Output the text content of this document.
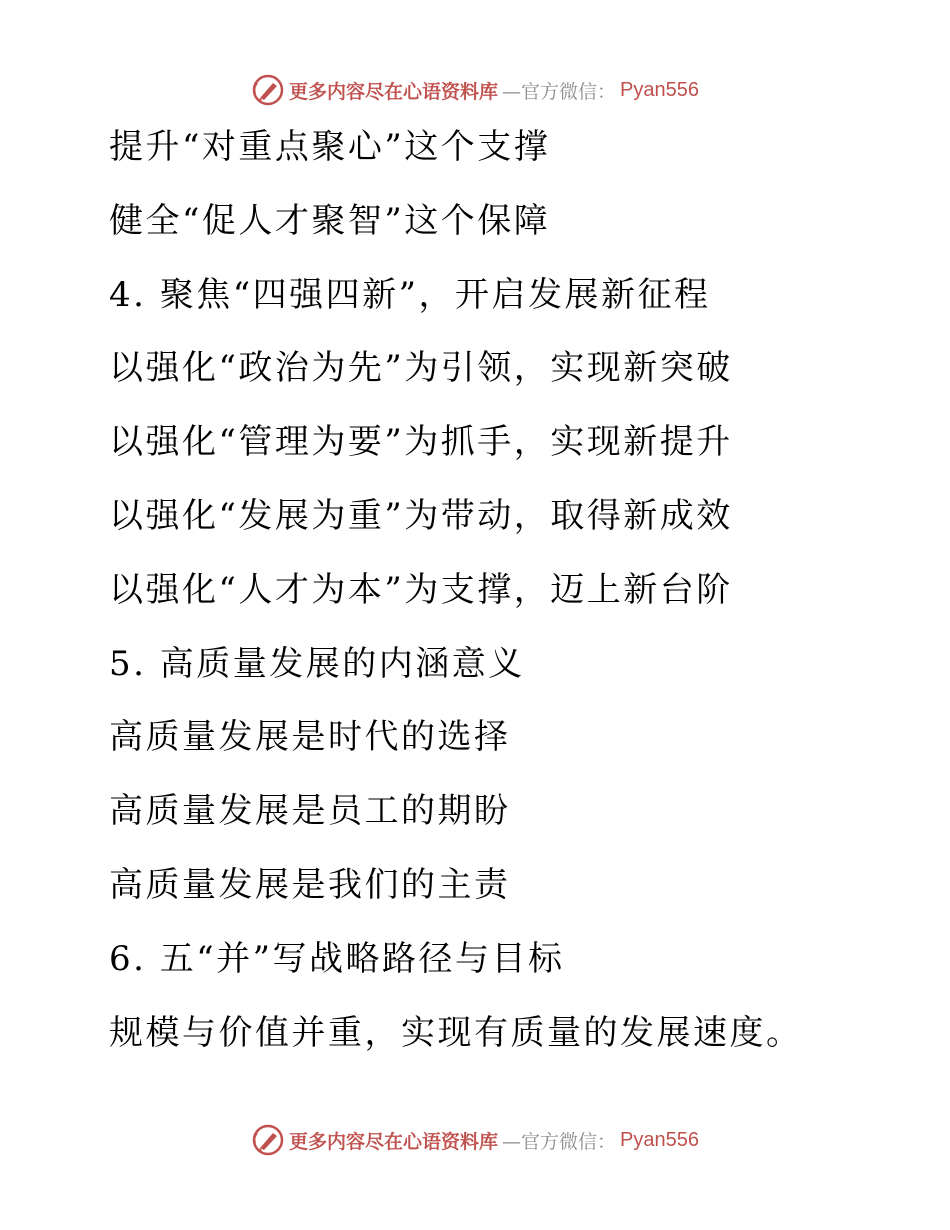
更多内容尽在心语资料库 —官方微信： Pyan556
提升“对重点聚心”这个支撑
健全“促人才聚智”这个保障
4. 聚焦“四强四新”，开启发展新征程
以强化“政治为先”为引领，实现新突破
以强化“管理为要”为抓手，实现新提升
以强化“发展为重”为带动，取得新成效
以强化“人才为本”为支撑，迈上新台阶
5. 高质量发展的内涵意义
高质量发展是时代的选择
高质量发展是员工的期盼
高质量发展是我们的主责
6. 五“并”写战略路径与目标
规模与价值并重，实现有质量的发展速度。
更多内容尽在心语资料库 —官方微信： Pyan556
